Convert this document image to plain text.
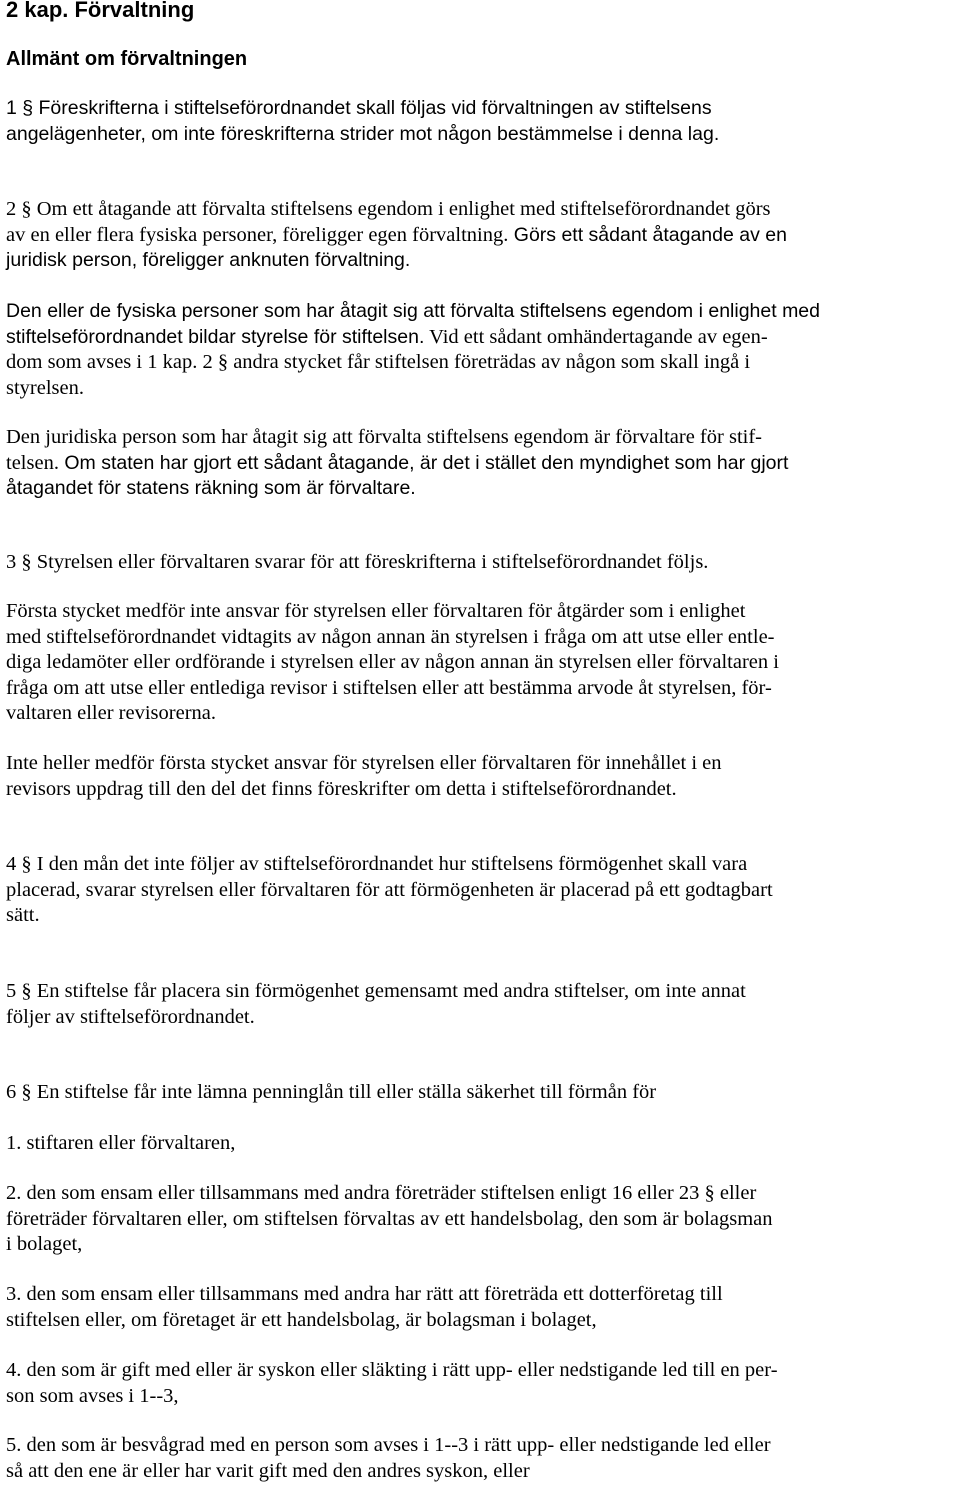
2 kap. Förvaltning
Allmänt om förvaltningen

1 § Föreskrifterna i stiftelseförordnandet skall följas vid förvaltningen av stiftelsens
angelägenheter, om inte föreskrifterna strider mot någon bestämmelse i denna lag.

2 § Om ett åtagande att förvalta stiftelsens egendom i enlighet med stiftelseförordnandet görs
av en eller flera fysiska personer, föreligger egen förvaltning. Görs ett sådant åtagande av en
juridisk person, föreligger anknuten förvaltning.

Den eller de fysiska personer som har åtagit sig att förvalta stiftelsens egendom i enlighet med
stiftelseförordnandet bildar styrelse för stiftelsen. Vid ett sådant omhändertagande av egen-
dom som avses i 1 kap. 2 § andra stycket får stiftelsen företrädas av någon som skall ingå i
styrelsen.

Den juridiska person som har åtagit sig att förvalta stiftelsens egendom är förvaltare för stif-
telsen. Om staten har gjort ett sådant åtagande, är det i stället den myndighet som har gjort
åtagandet för statens räkning som är förvaltare.

3 § Styrelsen eller förvaltaren svarar för att föreskrifterna i stiftelseförordnandet följs.

Första stycket medför inte ansvar för styrelsen eller förvaltaren för åtgärder som i enlighet
med stiftelseförordnandet vidtagits av någon annan än styrelsen i fråga om att utse eller entle-
diga ledamöter eller ordförande i styrelsen eller av någon annan än styrelsen eller förvaltaren i
fråga om att utse eller entlediga revisor i stiftelsen eller att bestämma arvode åt styrelsen, för-
valtaren eller revisorerna.

Inte heller medför första stycket ansvar för styrelsen eller förvaltaren för innehållet i en
revisors uppdrag till den del det finns föreskrifter om detta i stiftelseförordnandet.

4 § I den mån det inte följer av stiftelseförordnandet hur stiftelsens förmögenhet skall vara
placerad, svarar styrelsen eller förvaltaren för att förmögenheten är placerad på ett godtagbart
sätt.

5 § En stiftelse får placera sin förmögenhet gemensamt med andra stiftelser, om inte annat
följer av stiftelseförordnandet.

6 § En stiftelse får inte lämna penninglån till eller ställa säkerhet till förmån för

1. stiftaren eller förvaltaren,

2. den som ensam eller tillsammans med andra företräder stiftelsen enligt 16 eller 23 § eller
företräder förvaltaren eller, om stiftelsen förvaltas av ett handelsbolag, den som är bolagsman
i bolaget,

3. den som ensam eller tillsammans med andra har rätt att företräda ett dotterföretag till
stiftelsen eller, om företaget är ett handelsbolag, är bolagsman i bolaget,

4. den som är gift med eller är syskon eller släkting i rätt upp- eller nedstigande led till en per-
son som avses i 1--3,

5. den som är besvågrad med en person som avses i 1--3 i rätt upp- eller nedstigande led eller
så att den ene är eller har varit gift med den andres syskon, eller
